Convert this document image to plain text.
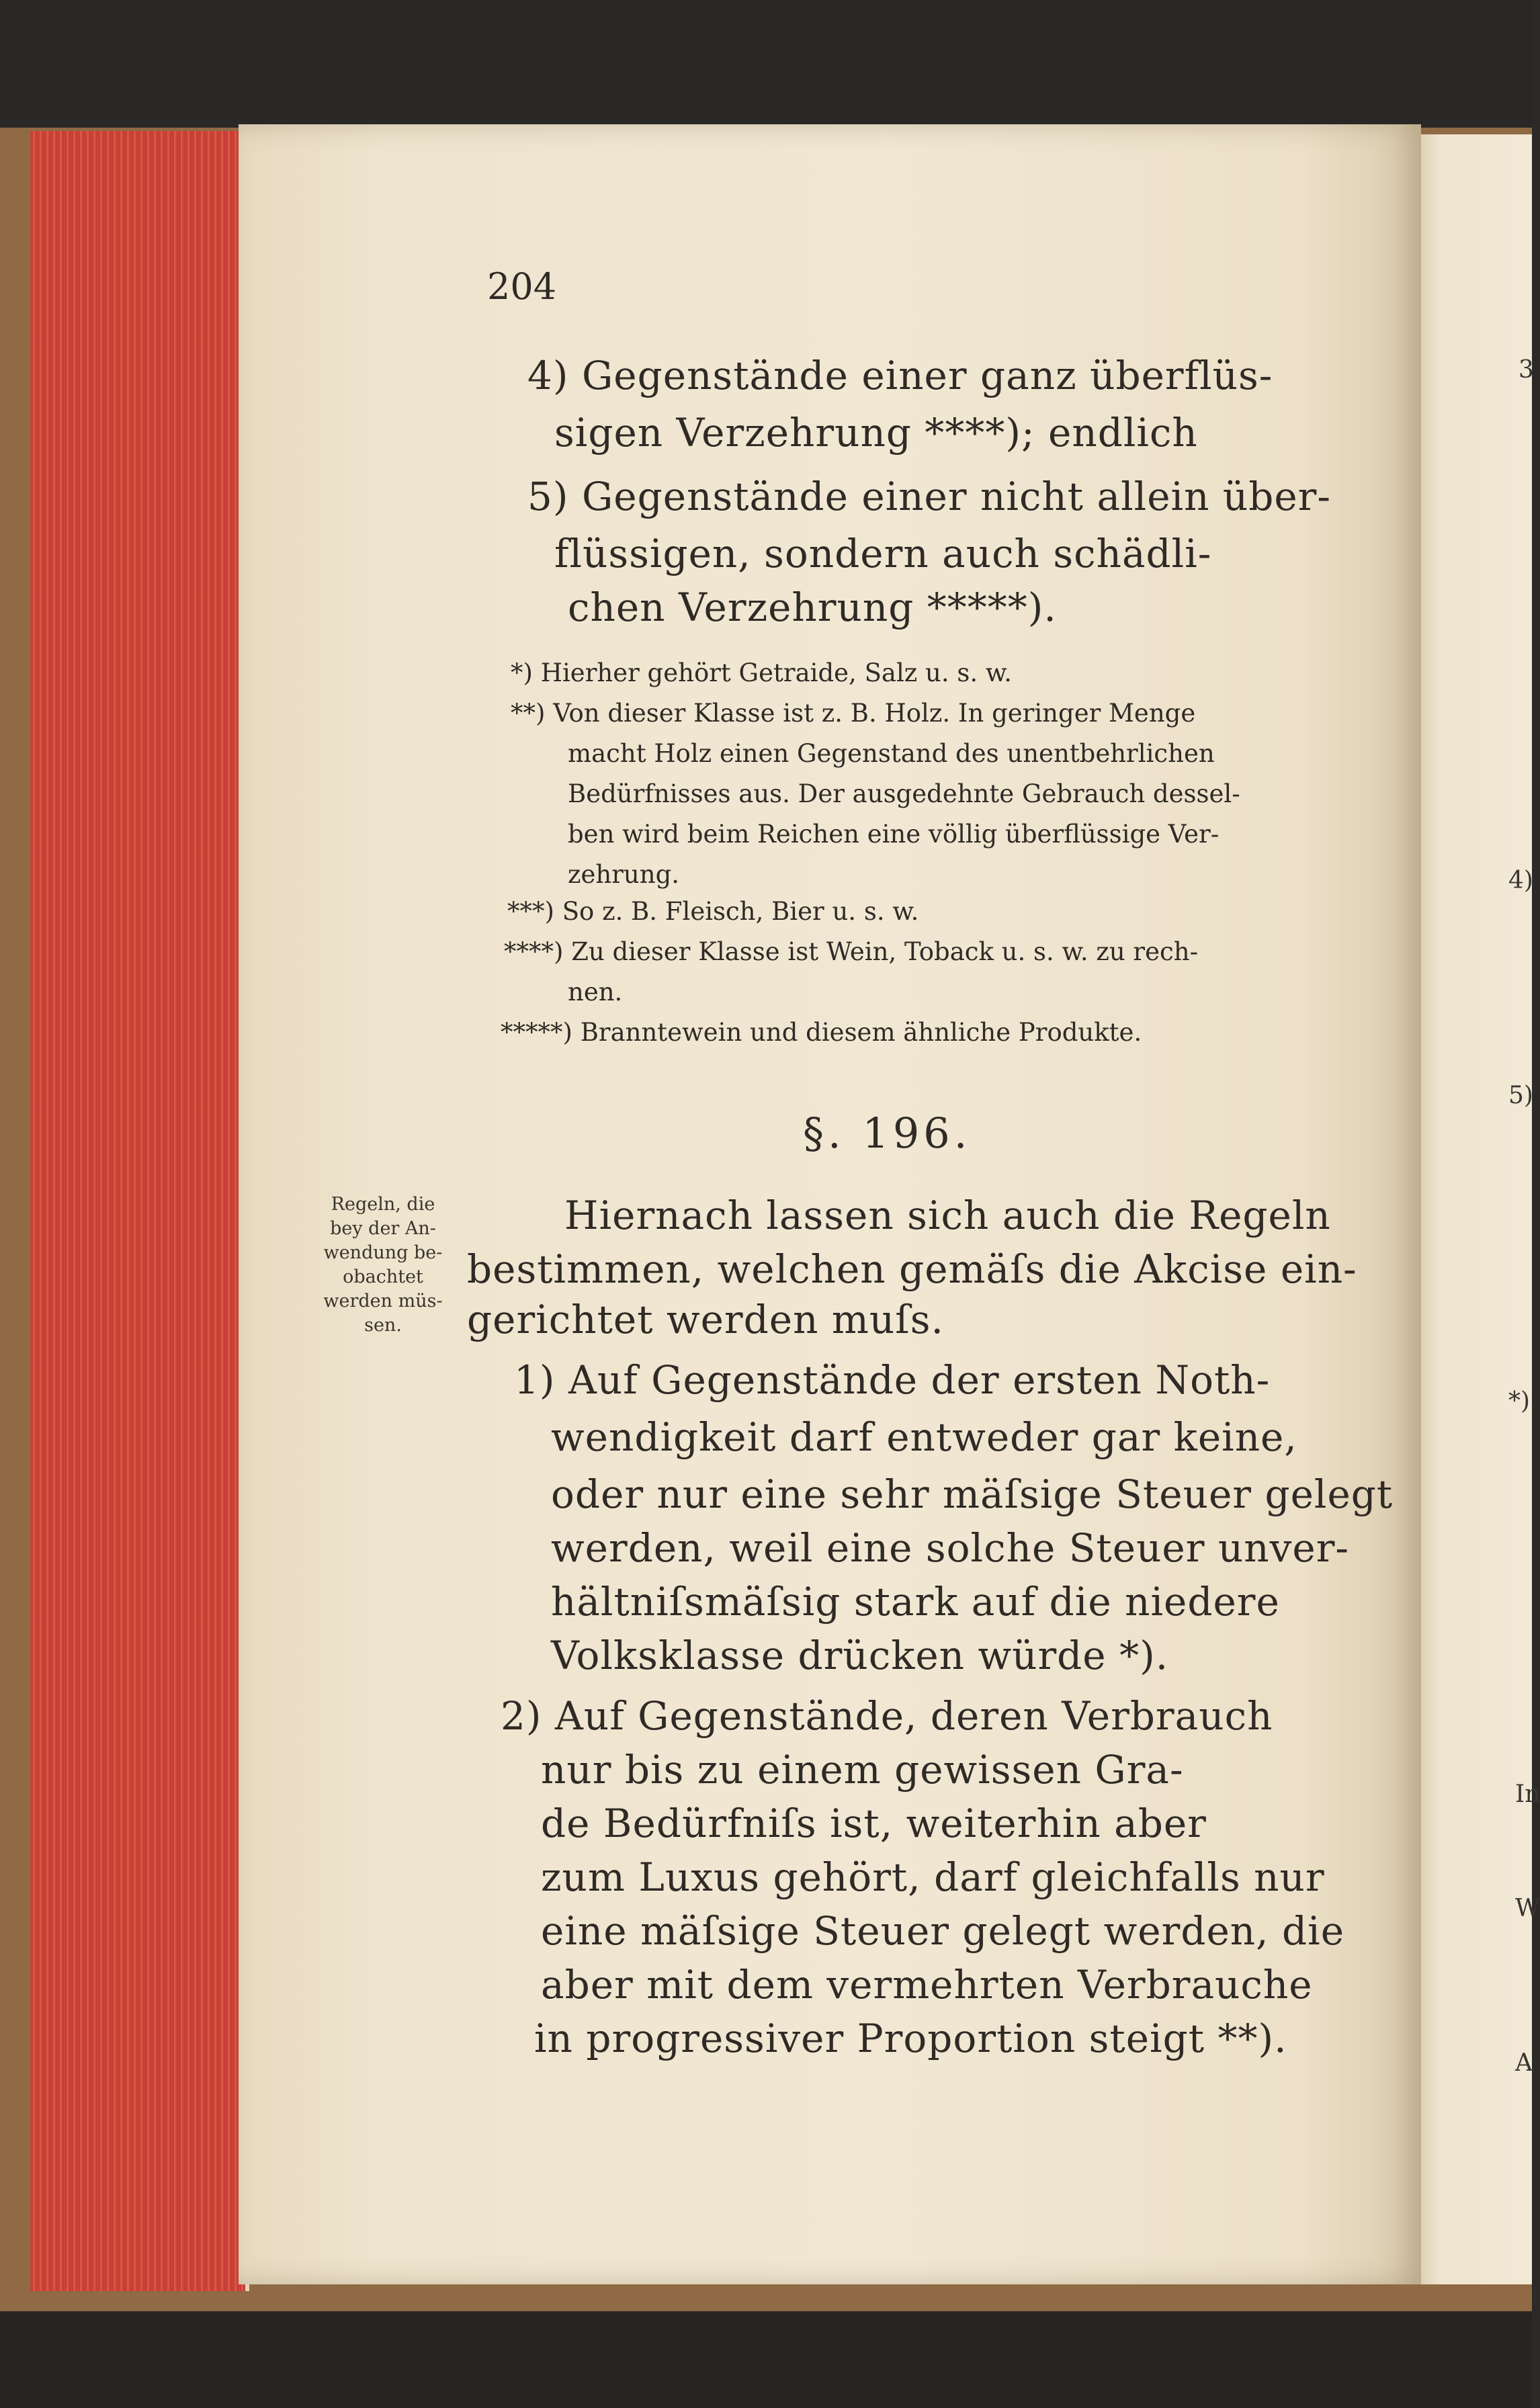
3
4)
5)
*)
In
W
A
204
4) Gegenstände einer ganz überflüs-
sigen Verzehrung ****); endlich
5) Gegenstände einer nicht allein über-
flüssigen, sondern auch schädli-
chen Verzehrung *****).
*) Hierher gehört Getraide, Salz u. s. w.
**) Von dieser Klasse ist z. B. Holz. In geringer Menge
macht Holz einen Gegenstand des unentbehrlichen
Bedürfnisses aus. Der ausgedehnte Gebrauch dessel-
ben wird beim Reichen eine völlig überflüssige Ver-
zehrung.
***) So z. B. Fleisch, Bier u. s. w.
****) Zu dieser Klasse ist Wein, Toback u. s. w. zu rech-
nen.
*****) Branntewein und diesem ähnliche Produkte.
§. 196.
Regeln, die
bey der An-
wendung be-
obachtet
werden müs-
sen.
Hiernach lassen sich auch die Regeln
bestimmen, welchen gemäſs die Akcise ein-
gerichtet werden muſs.
1) Auf Gegenstände der ersten Noth-
wendigkeit darf entweder gar keine,
oder nur eine sehr mäſsige Steuer gelegt
werden, weil eine solche Steuer unver-
hältniſsmäſsig stark auf die niedere
Volksklasse drücken würde *).
2) Auf Gegenstände, deren Verbrauch
nur bis zu einem gewissen Gra-
de Bedürfniſs ist, weiterhin aber
zum Luxus gehört, darf gleichfalls nur
eine mäſsige Steuer gelegt werden, die
aber mit dem vermehrten Verbrauche
in progressiver Proportion steigt **).
